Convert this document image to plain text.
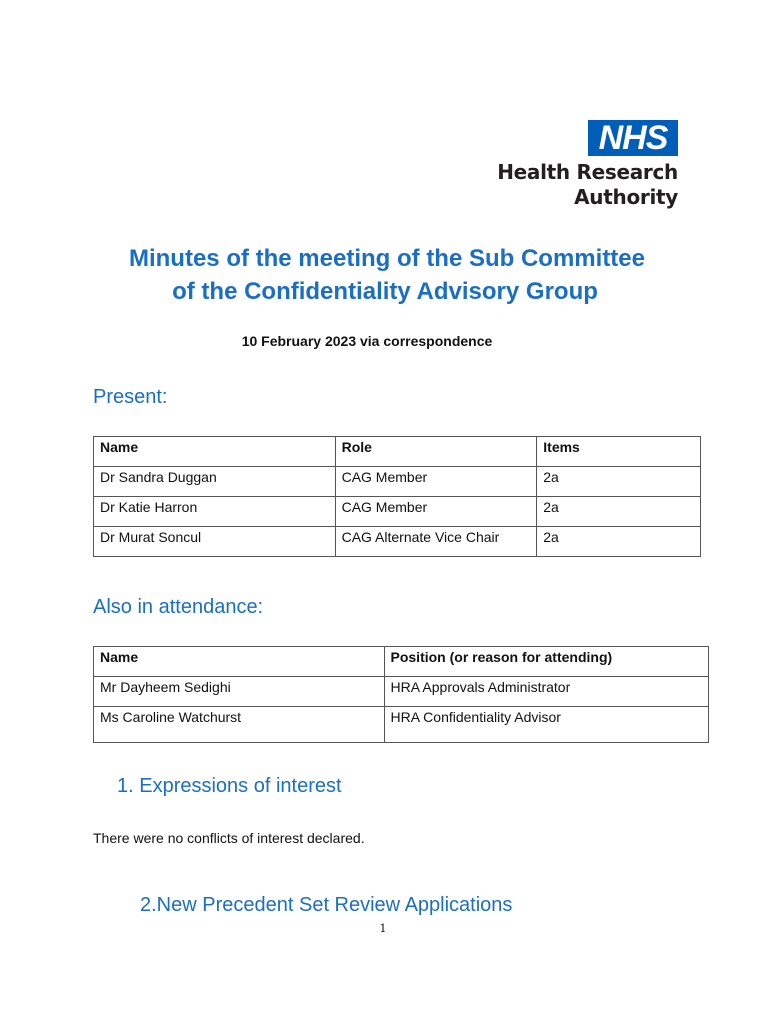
NHS
Health Research
Authority
Minutes of the meeting of the Sub Committee
of the Confidentiality Advisory Group
10 February 2023 via correspondence
Present:
Name	Role	Items
Dr Sandra Duggan	CAG Member	2a
Dr Katie Harron	CAG Member	2a
Dr Murat Soncul	CAG Alternate Vice Chair	2a
Also in attendance:
Name	Position (or reason for attending)
Mr Dayheem Sedighi	HRA Approvals Administrator
Ms Caroline Watchurst	HRA Confidentiality Advisor
1. Expressions of interest
There were no conflicts of interest declared.
2.New Precedent Set Review Applications
1
